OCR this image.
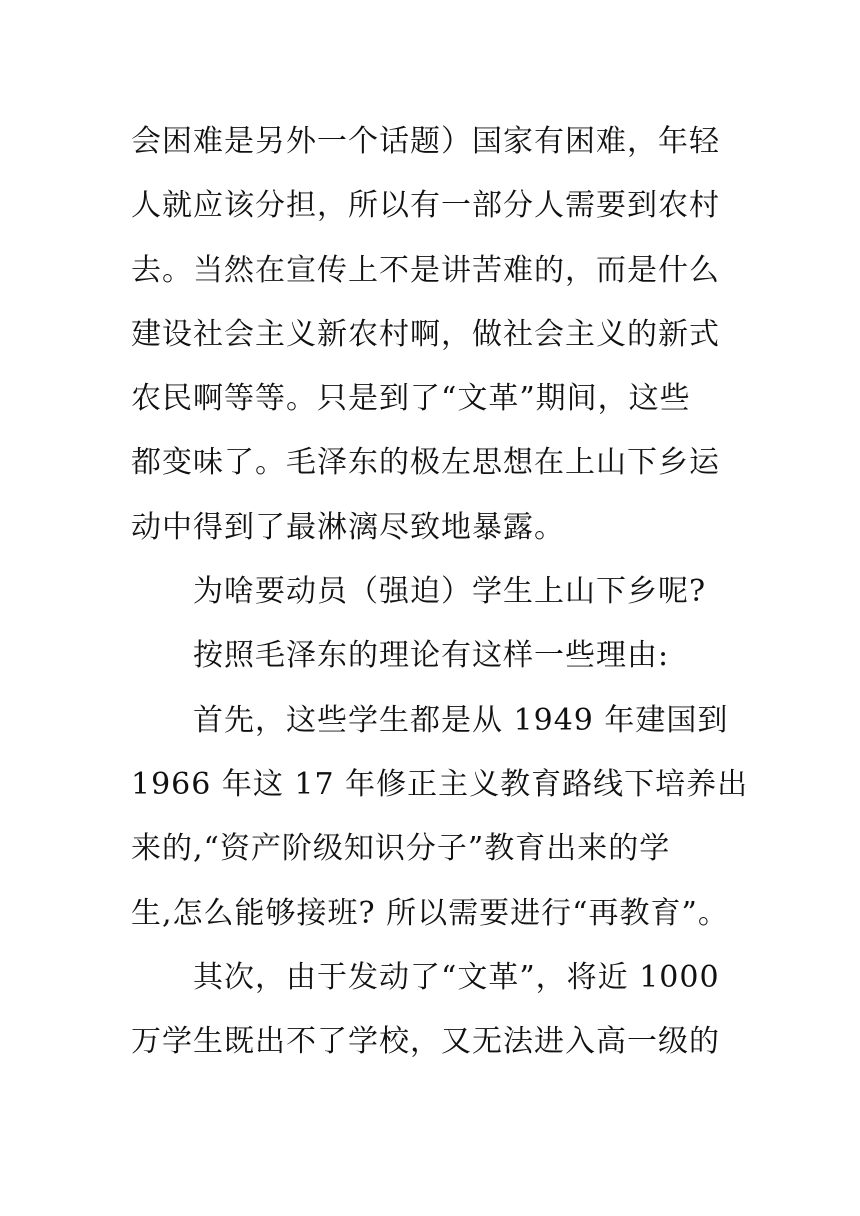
会困难是另外一个话题）国家有困难，年轻
人就应该分担，所以有一部分人需要到农村
去。当然在宣传上不是讲苦难的，而是什么
建设社会主义新农村啊，做社会主义的新式
农民啊等等。只是到了“文革”期间，这些
都变味了。毛泽东的极左思想在上山下乡运
动中得到了最淋漓尽致地暴露。
为啥要动员（强迫）学生上山下乡呢?
按照毛泽东的理论有这样一些理由:
首先，这些学生都是从 1949 年建国到
1966 年这 17 年修正主义教育路线下培养出
来的,“资产阶级知识分子”教育出来的学
生,怎么能够接班? 所以需要进行“再教育”。
其次，由于发动了“文革”，将近 1000
万学生既出不了学校，又无法进入高一级的
